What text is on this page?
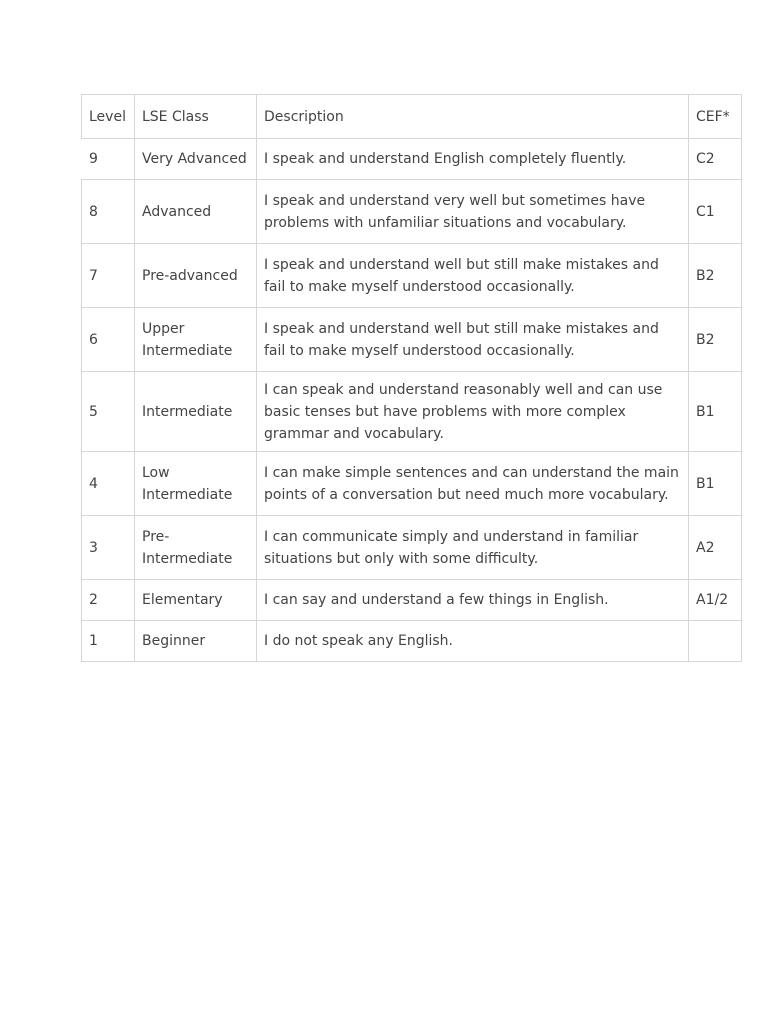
Level	LSE Class	Description	CEF*
9	Very Advanced	I speak and understand English completely fluently.	C2
8	Advanced	I speak and understand very well but sometimes have problems with unfamiliar situations and vocabulary.	C1
7	Pre-advanced	I speak and understand well but still make mistakes and fail to make myself understood occasionally.	B2
6	Upper Intermediate	I speak and understand well but still make mistakes and fail to make myself understood occasionally.	B2
5	Intermediate	I can speak and understand reasonably well and can use basic tenses but have problems with more complex grammar and vocabulary.	B1
4	Low Intermediate	I can make simple sentences and can understand the main points of a conversation but need much more vocabulary.	B1
3	Pre-Intermediate	I can communicate simply and understand in familiar situations but only with some difficulty.	A2
2	Elementary	I can say and understand a few things in English.	A1/2
1	Beginner	I do not speak any English.	
